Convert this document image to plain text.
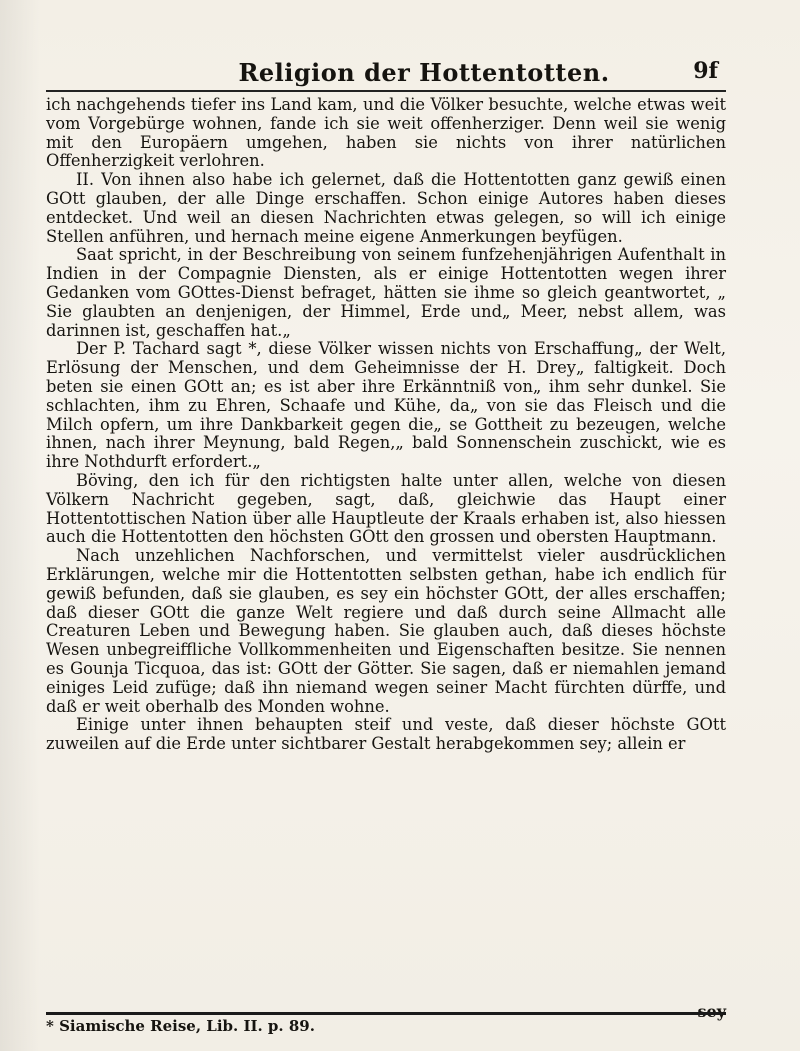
Religion der Hottentotten.	9f

ich nachgehends tiefer ins Land kam, und die Völker besuchte, welche etwas weit vom Vorgebürge wohnen, fande ich sie weit offenherziger. Denn weil sie wenig mit den Europäern umgehen, haben sie nichts von ihrer natürlichen Offenherzigkeit verlohren.

II. Von ihnen also habe ich gelernet, daß die Hottentotten ganz gewiß einen GOtt glauben, der alle Dinge erschaffen. Schon einige Autores haben dieses entdecket. Und weil an diesen Nachrichten etwas gelegen, so will ich einige Stellen anführen, und hernach meine eigene Anmerkungen beyfügen.

Saat spricht, in der Beschreibung von seinem funfzehenjährigen Aufenthalt in Indien in der Compagnie Diensten, als er einige Hottentotten wegen ihrer Gedanken vom GOttes-Dienst befraget, hätten sie ihme so gleich geantwortet, „ Sie glaubten an denjenigen, der Himmel, Erde und„ Meer, nebst allem, was darinnen ist, geschaffen hat.„

Der P. Tachard sagt *, diese Völker wissen nichts von Erschaffung„ der Welt, Erlösung der Menschen, und dem Geheimnisse der H. Drey„ faltigkeit. Doch beten sie einen GOtt an; es ist aber ihre Erkänntniß von„ ihm sehr dunkel. Sie schlachten, ihm zu Ehren, Schaafe und Kühe, da„ von sie das Fleisch und die Milch opfern, um ihre Dankbarkeit gegen die„ se Gottheit zu bezeugen, welche ihnen, nach ihrer Meynung, bald Regen,„ bald Sonnenschein zuschickt, wie es ihre Nothdurft erfordert.„

Böving, den ich für den richtigsten halte unter allen, welche von diesen Völkern Nachricht gegeben, sagt, daß, gleichwie das Haupt einer Hottentottischen Nation über alle Hauptleute der Kraals erhaben ist, also hiessen auch die Hottentotten den höchsten GOtt den grossen und obersten Hauptmann.

Nach unzehlichen Nachforschen, und vermittelst vieler ausdrücklichen Erklärungen, welche mir die Hottentotten selbsten gethan, habe ich endlich für gewiß befunden, daß sie glauben, es sey ein höchster GOtt, der alles erschaffen; daß dieser GOtt die ganze Welt regiere und daß durch seine Allmacht alle Creaturen Leben und Bewegung haben. Sie glauben auch, daß dieses höchste Wesen unbegreiffliche Vollkommenheiten und Eigenschaften besitze. Sie nennen es Gounja Ticquoa, das ist: GOtt der Götter. Sie sagen, daß er niemahlen jemand einiges Leid zufüge; daß ihn niemand wegen seiner Macht fürchten dürffe, und daß er weit oberhalb des Monden wohne.

Einige unter ihnen behaupten steif und veste, daß dieser höchste GOtt zuweilen auf die Erde unter sichtbarer Gestalt herabgekommen sey; allein er

* Siamische Reise, Lib. II. p. 89.
